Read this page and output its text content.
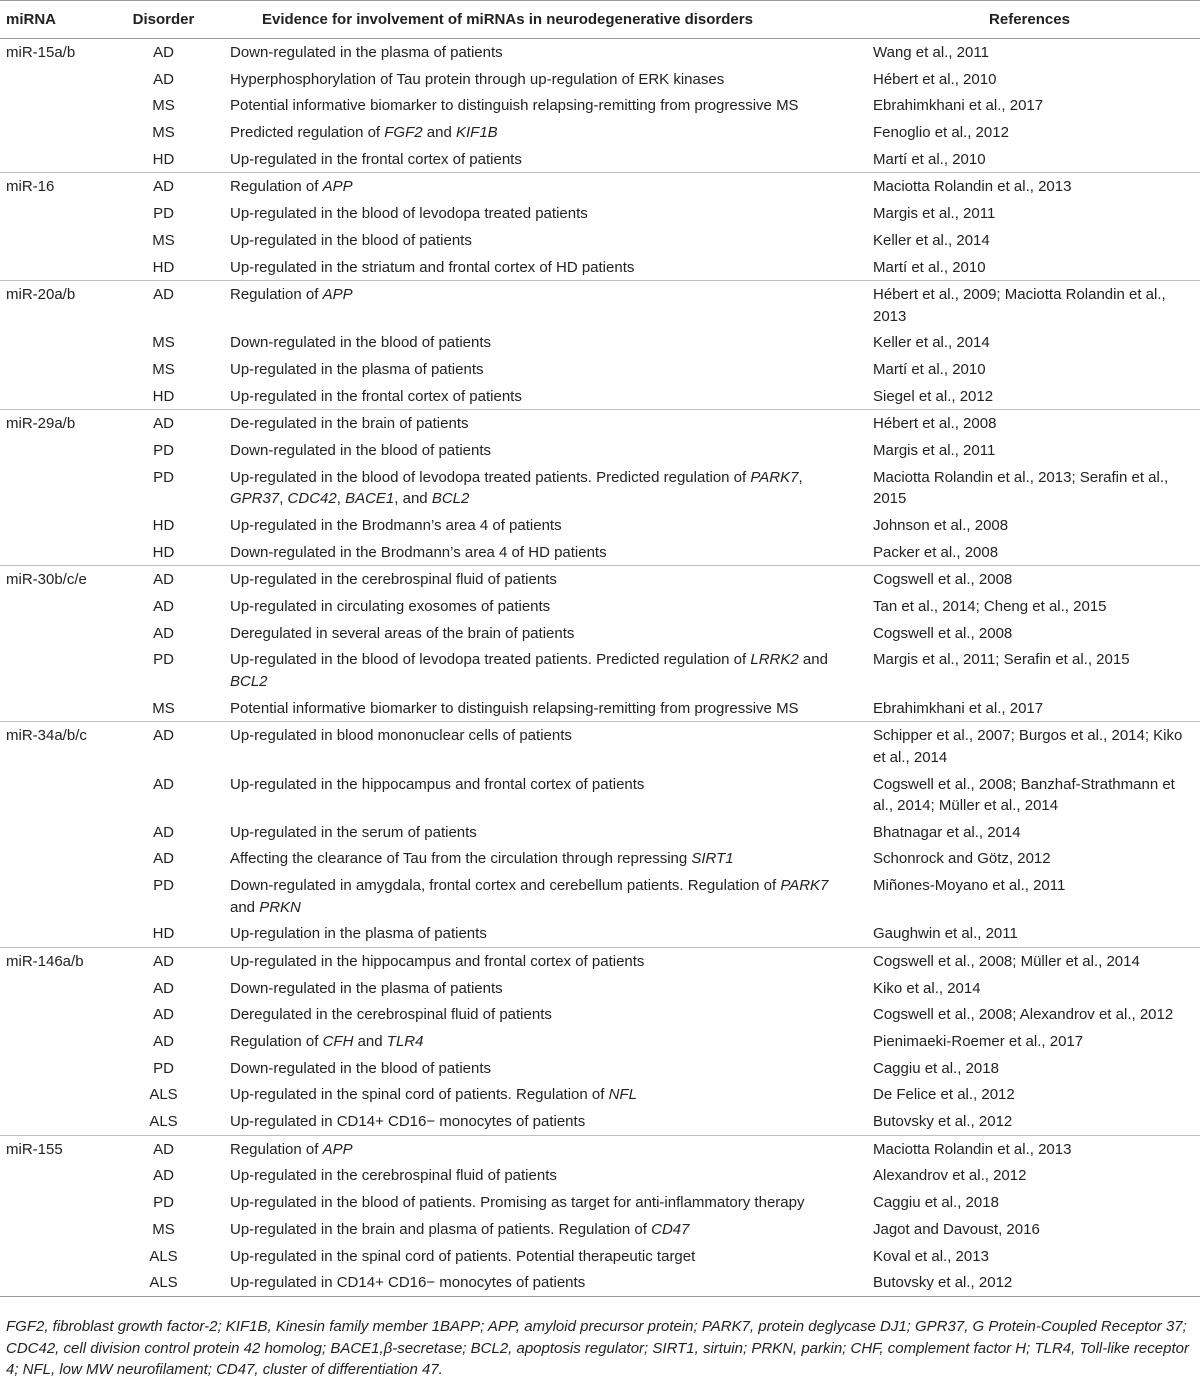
miRNA	Disorder	Evidence for involvement of miRNAs in neurodegenerative disorders	References
miR-15a/b	AD	Down-regulated in the plasma of patients	Wang et al., 2011
	AD	Hyperphosphorylation of Tau protein through up-regulation of ERK kinases	Hébert et al., 2010
	MS	Potential informative biomarker to distinguish relapsing-remitting from progressive MS	Ebrahimkhani et al., 2017
	MS	Predicted regulation of FGF2 and KIF1B	Fenoglio et al., 2012
	HD	Up-regulated in the frontal cortex of patients	Martí et al., 2010
miR-16	AD	Regulation of APP	Maciotta Rolandin et al., 2013
	PD	Up-regulated in the blood of levodopa treated patients	Margis et al., 2011
	MS	Up-regulated in the blood of patients	Keller et al., 2014
	HD	Up-regulated in the striatum and frontal cortex of HD patients	Martí et al., 2010
miR-20a/b	AD	Regulation of APP	Hébert et al., 2009; Maciotta Rolandin et al., 2013
	MS	Down-regulated in the blood of patients	Keller et al., 2014
	MS	Up-regulated in the plasma of patients	Martí et al., 2010
	HD	Up-regulated in the frontal cortex of patients	Siegel et al., 2012
miR-29a/b	AD	De-regulated in the brain of patients	Hébert et al., 2008
	PD	Down-regulated in the blood of patients	Margis et al., 2011
	PD	Up-regulated in the blood of levodopa treated patients. Predicted regulation of PARK7, GPR37, CDC42, BACE1, and BCL2	Maciotta Rolandin et al., 2013; Serafin et al., 2015
	HD	Up-regulated in the Brodmann’s area 4 of patients	Johnson et al., 2008
	HD	Down-regulated in the Brodmann’s area 4 of HD patients	Packer et al., 2008
miR-30b/c/e	AD	Up-regulated in the cerebrospinal fluid of patients	Cogswell et al., 2008
	AD	Up-regulated in circulating exosomes of patients	Tan et al., 2014; Cheng et al., 2015
	AD	Deregulated in several areas of the brain of patients	Cogswell et al., 2008
	PD	Up-regulated in the blood of levodopa treated patients. Predicted regulation of LRRK2 and BCL2	Margis et al., 2011; Serafin et al., 2015
	MS	Potential informative biomarker to distinguish relapsing-remitting from progressive MS	Ebrahimkhani et al., 2017
miR-34a/b/c	AD	Up-regulated in blood mononuclear cells of patients	Schipper et al., 2007; Burgos et al., 2014; Kiko et al., 2014
	AD	Up-regulated in the hippocampus and frontal cortex of patients	Cogswell et al., 2008; Banzhaf-Strathmann et al., 2014; Müller et al., 2014
	AD	Up-regulated in the serum of patients	Bhatnagar et al., 2014
	AD	Affecting the clearance of Tau from the circulation through repressing SIRT1	Schonrock and Götz, 2012
	PD	Down-regulated in amygdala, frontal cortex and cerebellum patients. Regulation of PARK7 and PRKN	Miñones-Moyano et al., 2011
	HD	Up-regulation in the plasma of patients	Gaughwin et al., 2011
miR-146a/b	AD	Up-regulated in the hippocampus and frontal cortex of patients	Cogswell et al., 2008; Müller et al., 2014
	AD	Down-regulated in the plasma of patients	Kiko et al., 2014
	AD	Deregulated in the cerebrospinal fluid of patients	Cogswell et al., 2008; Alexandrov et al., 2012
	AD	Regulation of CFH and TLR4	Pienimaeki-Roemer et al., 2017
	PD	Down-regulated in the blood of patients	Caggiu et al., 2018
	ALS	Up-regulated in the spinal cord of patients. Regulation of NFL	De Felice et al., 2012
	ALS	Up-regulated in CD14+ CD16− monocytes of patients	Butovsky et al., 2012
miR-155	AD	Regulation of APP	Maciotta Rolandin et al., 2013
	AD	Up-regulated in the cerebrospinal fluid of patients	Alexandrov et al., 2012
	PD	Up-regulated in the blood of patients. Promising as target for anti-inflammatory therapy	Caggiu et al., 2018
	MS	Up-regulated in the brain and plasma of patients. Regulation of CD47	Jagot and Davoust, 2016
	ALS	Up-regulated in the spinal cord of patients. Potential therapeutic target	Koval et al., 2013
	ALS	Up-regulated in CD14+ CD16− monocytes of patients	Butovsky et al., 2012
FGF2, fibroblast growth factor-2; KIF1B, Kinesin family member 1BAPP; APP, amyloid precursor protein; PARK7, protein deglycase DJ1; GPR37, G Protein-Coupled Receptor 37; CDC42, cell division control protein 42 homolog; BACE1,β-secretase; BCL2, apoptosis regulator; SIRT1, sirtuin; PRKN, parkin; CHF, complement factor H; TLR4, Toll-like receptor 4; NFL, low MW neurofilament; CD47, cluster of differentiation 47.
